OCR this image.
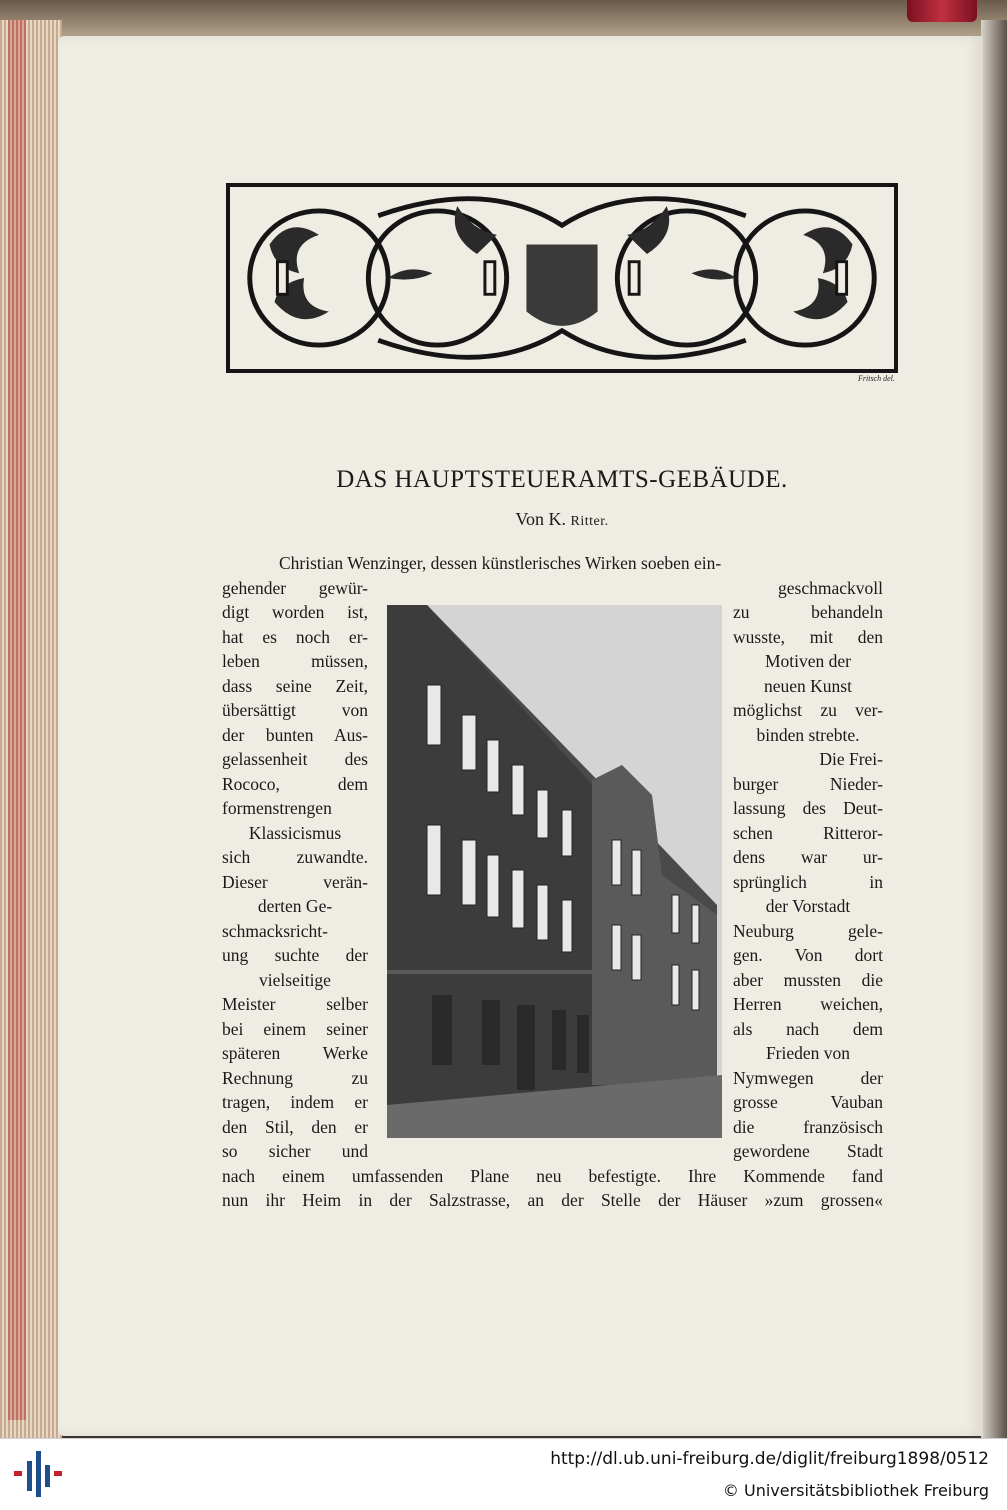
Fritsch del.
DAS HAUPTSTEUERAMTS-GEBÄUDE.
Von K. Ritter.
Christian Wenzinger, dessen künstlerisches Wirken soeben ein-
gehender gewür-	geschmackvoll
digt worden ist,	zu behandeln
hat es noch er-	wusste, mit den
leben müssen,	Motiven der
dass seine Zeit,	neuen Kunst
übersättigt von	möglichst zu ver-
der bunten Aus-	binden strebte.
gelassenheit des	Die Frei-
Rococo, dem	burger Nieder-
formenstrengen	lassung des Deut-
Klassicismus	schen Ritteror-
sich zuwandte.	dens war ur-
Dieser verän-	sprünglich in
derten Ge-	der Vorstadt
schmacksricht-	Neuburg gele-
ung suchte der	gen. Von dort
vielseitige	aber mussten die
Meister selber	Herren weichen,
bei einem seiner	als nach dem
späteren Werke	Frieden von
Rechnung zu	Nymwegen der
tragen, indem er	grosse Vauban
den Stil, den er	die französisch
so sicher und	gewordene Stadt
nach einem umfassenden Plane neu befestigte. Ihre Kommende fand
nun ihr Heim in der Salzstrasse, an der Stelle der Häuser »zum grossen«
http://dl.ub.uni-freiburg.de/diglit/freiburg1898/0512
© Universitätsbibliothek Freiburg
